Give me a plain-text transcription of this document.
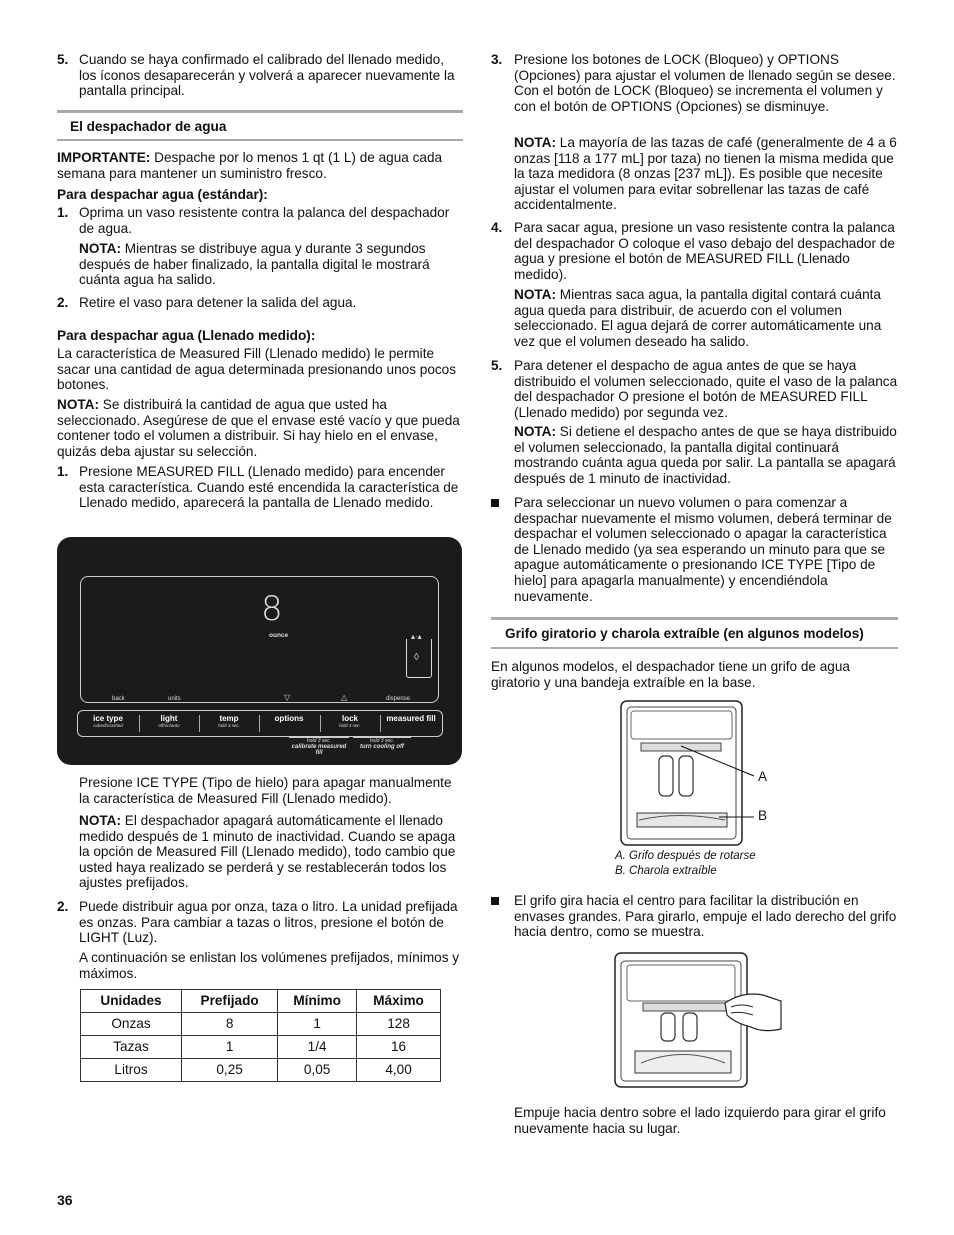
5. Cuando se haya confirmado el calibrado del llenado medido, los íconos desaparecerán y volverá a aparecer nuevamente la pantalla principal.

El despachador de agua

IMPORTANTE: Despache por lo menos 1 qt (1 L) de agua cada semana para mantener un suministro fresco.

Para despachar agua (estándar):
1. Oprima un vaso resistente contra la palanca del despachador de agua.

NOTA: Mientras se distribuye agua y durante 3 segundos después de haber finalizado, la pantalla digital le mostrará cuánta agua ha salido.

2. Retire el vaso para detener la salida del agua.

Para despachar agua (Llenado medido):

La característica de Measured Fill (Llenado medido) le permite sacar una cantidad de agua determinada presionando unos pocos botones.

NOTA: Se distribuirá la cantidad de agua que usted ha seleccionado. Asegúrese de que el envase esté vacío y que pueda contener todo el volumen a distribuir. Si hay hielo en el envase, quizás deba ajustar su selección.

1. Presione MEASURED FILL (Llenado medido) para encender esta característica. Cuando esté encendida la característica de Llenado medido, aparecerá la pantalla de Llenado medido.

8
ounce	▴·▴
◊
back	units	▽	△	dispense
ice type
cubed/crushed
light
off/on/auto
temp
hold 3 sec.
options	lock
hold 3 sec.
measured fill
hold 3 sec.
calibrate measured fill
hold 3 sec.
turn cooling off

Presione ICE TYPE (Tipo de hielo) para apagar manualmente la característica de Measured Fill (Llenado medido).

NOTA: El despachador apagará automáticamente el llenado medido después de 1 minuto de inactividad. Cuando se apaga la opción de Measured Fill (Llenado medido), todo cambio que usted haya realizado se perderá y se restablecerán todos los ajustes prefijados.

2. Puede distribuir agua por onza, taza o litro. La unidad prefijada es onzas. Para cambiar a tazas o litros, presione el botón de LIGHT (Luz).

A continuación se enlistan los volúmenes prefijados, mínimos y máximos.

Unidades	Prefijado	Mínimo	Máximo
Onzas	8	1	128
Tazas	1	1/4	16
Litros	0,25	0,05	4,00
36
3. Presione los botones de LOCK (Bloqueo) y OPTIONS (Opciones) para ajustar el volumen de llenado según se desee. Con el botón de LOCK (Bloqueo) se incrementa el volumen y con el botón de OPTIONS (Opciones) se disminuye.

NOTA: La mayoría de las tazas de café (generalmente de 4 a 6 onzas [118 a 177 mL] por taza) no tienen la misma medida que la taza medidora (8 onzas [237 mL]). Es posible que necesite ajustar el volumen para evitar sobrellenar las tazas de café accidentalmente.

4. Para sacar agua, presione un vaso resistente contra la palanca del despachador O coloque el vaso debajo del despachador de agua y presione el botón de MEASURED FILL (Llenado medido).

NOTA: Mientras saca agua, la pantalla digital contará cuánta agua queda para distribuir, de acuerdo con el volumen seleccionado. El agua dejará de correr automáticamente una vez que el volumen deseado ha salido.

5. Para detener el despacho de agua antes de que se haya distribuido el volumen seleccionado, quite el vaso de la palanca del despachador O presione el botón de MEASURED FILL (Llenado medido) por segunda vez.

NOTA: Si detiene el despacho antes de que se haya distribuido el volumen seleccionado, la pantalla digital continuará mostrando cuánta agua queda por salir. La pantalla se apagará después de 1 minuto de inactividad.

Para seleccionar un nuevo volumen o para comenzar a despachar nuevamente el mismo volumen, deberá terminar de despachar el volumen seleccionado o apagar la característica de Llenado medido (ya sea esperando un minuto para que se apague automáticamente o presionando ICE TYPE [Tipo de hielo] para apagarla manualmente) y encendiéndola nuevamente.

Grifo giratorio y charola extraíble (en algunos modelos)

En algunos modelos, el despachador tiene un grifo de agua giratorio y una bandeja extraíble en la base.

A
B
A. Grifo después de rotarse
B. Charola extraíble

El grifo gira hacia el centro para facilitar la distribución en envases grandes. Para girarlo, empuje el lado derecho del grifo hacia dentro, como se muestra.

Empuje hacia dentro sobre el lado izquierdo para girar el grifo nuevamente hacia su lugar.
